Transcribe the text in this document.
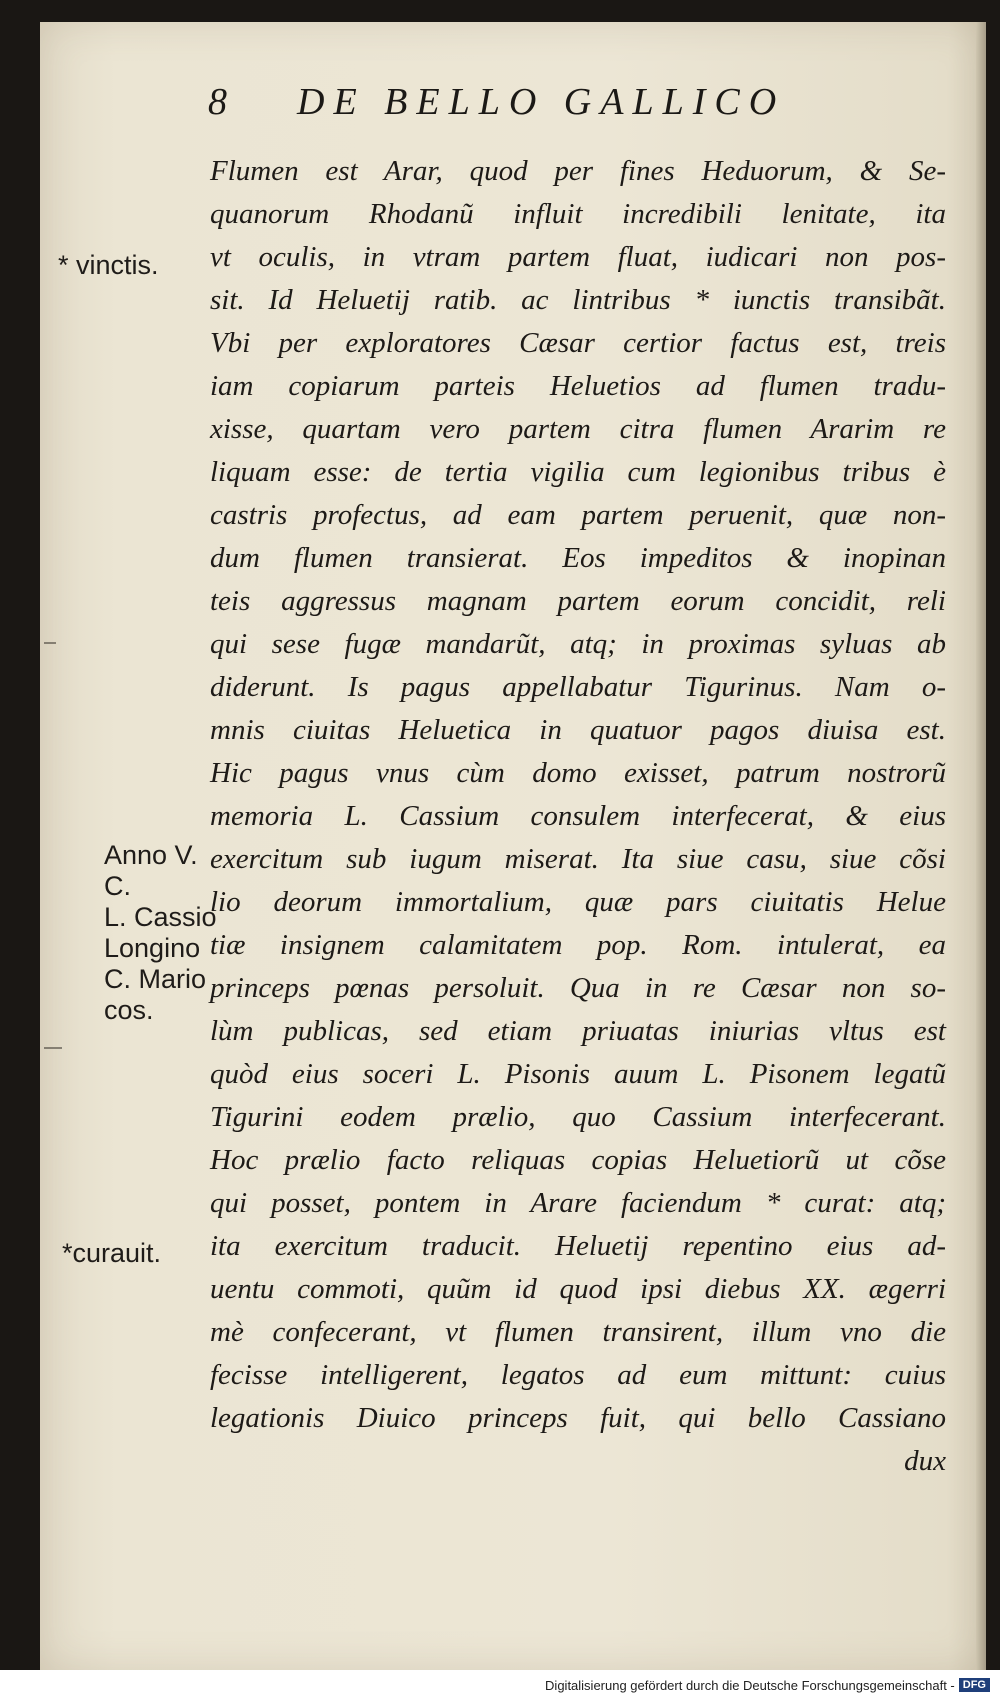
8 DE BELLO GALLICO
* vinctis.
Anno V.
C.
L. Cassio
Longino
C. Mario
cos.
*curauit.
Flumen est Arar, quod per fines Heduorum, & Se-
quanorum Rhodanũ influit incredibili lenitate, ita
vt oculis, in vtram partem fluat, iudicari non pos-
sit. Id Heluetij ratib. ac lintribus * iunctis transibãt.
Vbi per exploratores Cæsar certior factus est, treis
iam copiarum parteis Heluetios ad flumen tradu-
xisse, quartam vero partem citra flumen Ararim re
liquam esse: de tertia vigilia cum legionibus tribus è
castris profectus, ad eam partem peruenit, quæ non-
dum flumen transierat. Eos impeditos & inopinan
teis aggressus magnam partem eorum concidit, reli
qui sese fugæ mandarũt, atq; in proximas syluas ab
diderunt. Is pagus appellabatur Tigurinus. Nam o-
mnis ciuitas Heluetica in quatuor pagos diuisa est.
Hic pagus vnus cùm domo exisset, patrum nostrorũ
memoria L. Cassium consulem interfecerat, & eius
exercitum sub iugum miserat. Ita siue casu, siue cõsi
lio deorum immortalium, quæ pars ciuitatis Helue
tiæ insignem calamitatem pop. Rom. intulerat, ea
princeps pœnas persoluit. Qua in re Cæsar non so-
lùm publicas, sed etiam priuatas iniurias vltus est
quòd eius soceri L. Pisonis auum L. Pisonem legatũ
Tigurini eodem prælio, quo Cassium interfecerant.
Hoc prælio facto reliquas copias Heluetiorũ ut cõse
qui posset, pontem in Arare faciendum * curat: atq;
ita exercitum traducit. Heluetij repentino eius ad-
uentu commoti, quũm id quod ipsi diebus XX. ægerri
mè confecerant, vt flumen transirent, illum vno die
fecisse intelligerent, legatos ad eum mittunt: cuius
legationis Diuico princeps fuit, qui bello Cassiano
dux
Digitalisierung gefördert durch die Deutsche Forschungsgemeinschaft - DFG
